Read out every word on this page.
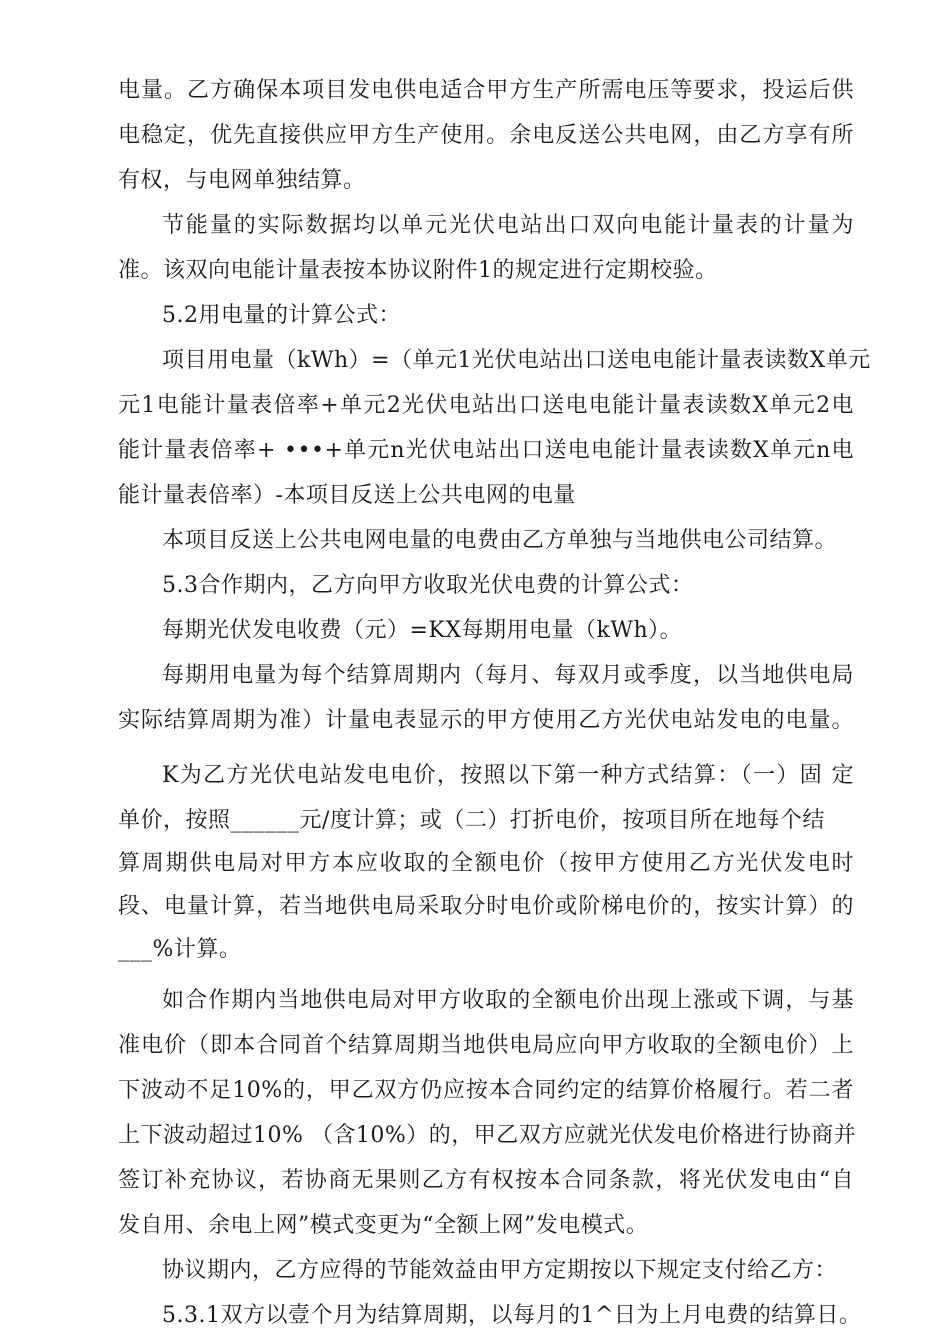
电量。乙方确保本项目发电供电适合甲方生产所需电压等要求，投运后供
电稳定，优先直接供应甲方生产使用。余电反送公共电网，由乙方享有所
有权，与电网单独结算。
节能量的实际数据均以单元光伏电站出口双向电能计量表的计量为
准。该双向电能计量表按本协议附件1的规定进行定期校验。
5.2用电量的计算公式：
项目用电量（kWh）=（单元1光伏电站出口送电电能计量表读数X单元
元1电能计量表倍率+单元2光伏电站出口送电电能计量表读数X单元2电
能计量表倍率+ •••+单元n光伏电站出口送电电能计量表读数X单元n电
能计量表倍率）-本项目反送上公共电网的电量
本项目反送上公共电网电量的电费由乙方单独与当地供电公司结算。
5.3合作期内，乙方向甲方收取光伏电费的计算公式：
每期光伏发电收费（元）=KX每期用电量（kWh）。
每期用电量为每个结算周期内（每月、每双月或季度，以当地供电局
实际结算周期为准）计量电表显示的甲方使用乙方光伏电站发电的电量。
K为乙方光伏电站发电电价，按照以下第一种方式结算：（一）固 定
单价，按照______元/度计算；或（二）打折电价，按项目所在地每个结
算周期供电局对甲方本应收取的全额电价（按甲方使用乙方光伏发电时
段、电量计算，若当地供电局采取分时电价或阶梯电价的，按实计算）的
___%计算。
如合作期内当地供电局对甲方收取的全额电价出现上涨或下调，与基
准电价（即本合同首个结算周期当地供电局应向甲方收取的全额电价）上
下波动不足10%的，甲乙双方仍应按本合同约定的结算价格履行。若二者
上下波动超过10% （含10%）的，甲乙双方应就光伏发电价格进行协商并
签订补充协议，若协商无果则乙方有权按本合同条款，将光伏发电由“自
发自用、余电上网”模式变更为“全额上网”发电模式。
协议期内，乙方应得的节能效益由甲方定期按以下规定支付给乙方：
5.3.1双方以壹个月为结算周期，以每月的1^日为上月电费的结算日。
